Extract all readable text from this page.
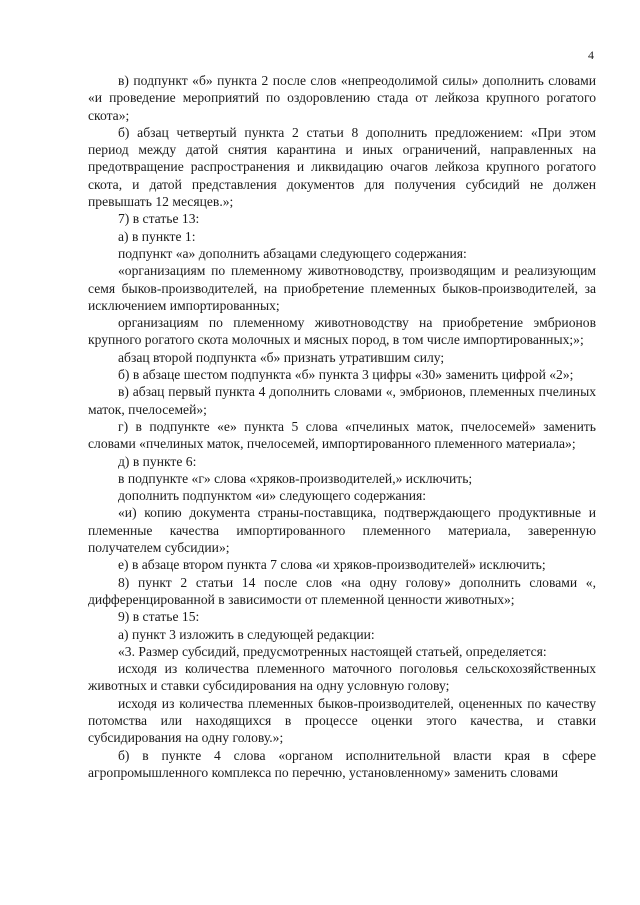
4

в) подпункт «б» пункта 2 после слов «непреодолимой силы» дополнить словами «и проведение мероприятий по оздоровлению стада от лейкоза крупного рогатого скота»;

б) абзац четвертый пункта 2 статьи 8 дополнить предложением: «При этом период между датой снятия карантина и иных ограничений, направленных на предотвращение распространения и ликвидацию очагов лейкоза крупного рогатого скота, и датой представления документов для получения субсидий не должен превышать 12 месяцев.»;

7) в статье 13:

а) в пункте 1:

подпункт «а» дополнить абзацами следующего содержания:

«организациям по племенному животноводству, производящим и реализующим семя быков-производителей, на приобретение племенных быков-производителей, за исключением импортированных;

организациям по племенному животноводству на приобретение эмбрионов крупного рогатого скота молочных и мясных пород, в том числе импортированных;»;

абзац второй подпункта «б» признать утратившим силу;

б) в абзаце шестом подпункта «б» пункта 3 цифры «30» заменить цифрой «2»;

в) абзац первый пункта 4 дополнить словами «, эмбрионов, племенных пчелиных маток, пчелосемей»;

г) в подпункте «е» пункта 5 слова «пчелиных маток, пчелосемей» заменить словами «пчелиных маток, пчелосемей, импортированного племенного материала»;

д) в пункте 6:

в подпункте «г» слова «хряков-производителей,» исключить;

дополнить подпунктом «и» следующего содержания:

«и) копию документа страны-поставщика, подтверждающего продуктивные и племенные качества импортированного племенного материала, заверенную получателем субсидии»;

е) в абзаце втором пункта 7 слова «и хряков-производителей» исключить;

8) пункт 2 статьи 14 после слов «на одну голову» дополнить словами «, дифференцированной в зависимости от племенной ценности животных»;

9) в статье 15:

а) пункт 3 изложить в следующей редакции:

«3. Размер субсидий, предусмотренных настоящей статьей, определяется:

исходя из количества племенного маточного поголовья сельскохозяйственных животных и ставки субсидирования на одну условную голову;

исходя из количества племенных быков-производителей, оцененных по качеству потомства или находящихся в процессе оценки этого качества, и ставки субсидирования на одну голову.»;

б) в пункте 4 слова «органом исполнительной власти края в сфере агропромышленного комплекса по перечню, установленному» заменить словами
